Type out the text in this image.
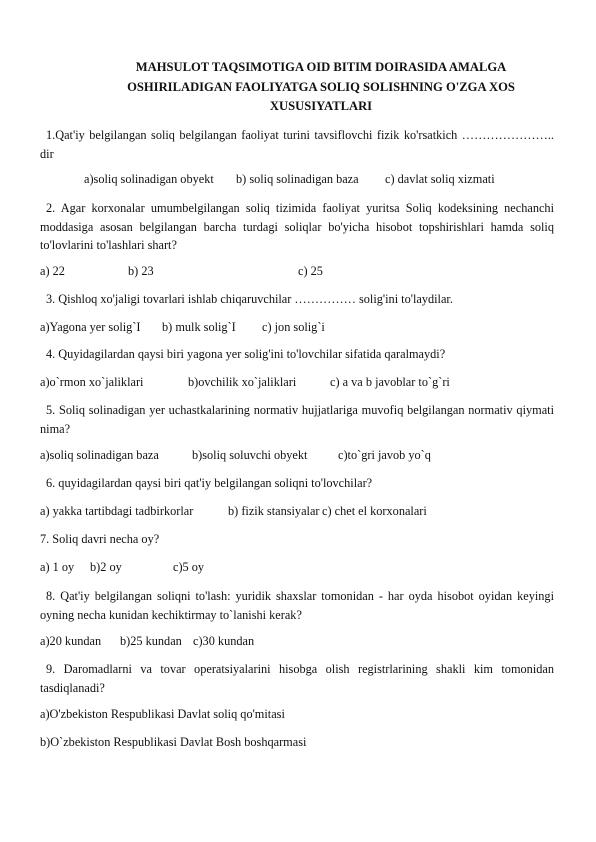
MAHSULOT TAQSIMOTIGA OID BITIM DOIRASIDA AMALGA OSHIRILADIGAN FAOLIYATGA SOLIQ SOLISHNING O'ZGA XOS XUSUSIYATLARI
1.Qat'iy belgilangan soliq belgilangan faoliyat turini tavsiflovchi fizik ko'rsatkich ………………….. dir
a)soliq solinadigan obyekt b) soliq solinadigan baza c) davlat soliq xizmati
2. Agar korxonalar umumbelgilangan soliq tizimida faoliyat yuritsa Soliq kodeksining nechanchi moddasiga asosan belgilangan barcha turdagi soliqlar bo'yicha hisobot topshirishlari hamda soliq to'lovlarini to'lashlari shart?
a) 22	b) 23	c) 25
3. Qishloq xo'jaligi tovarlari ishlab chiqaruvchilar …………… solig'ini to'laydilar.
a)Yagona yer solig`I b) mulk solig`I c) jon solig`i
4. Quyidagilardan qaysi biri yagona yer solig'ini to'lovchilar sifatida qaralmaydi?
a)o`rmon xo`jaliklari	b)ovchilik xo`jaliklari	c) a va b javoblar to`g`ri
5. Soliq solinadigan yer uchastkalarining normativ hujjatlariga muvofiq belgilangan normativ qiymati nima?
a)soliq solinadigan baza	b)soliq soluvchi obyekt c)to`gri javob yo`q
6. quyidagilardan qaysi biri qat'iy belgilangan soliqni to'lovchilar?
a) yakka tartibdagi tadbirkorlar	b) fizik stansiyalar c) chet el korxonalari
7. Soliq davri necha oy?
a) 1 oy b)2 oy	c)5 oy
8. Qat'iy belgilangan soliqni to'lash: yuridik shaxslar tomonidan - har oyda hisobot oyidan keyingi oyning necha kunidan kechiktirmay to`lanishi kerak?
a)20 kundan b)25 kundan c)30 kundan
9. Daromadlarni va tovar operatsiyalarini hisobga olish registrlarining shakli kim tomonidan tasdiqlanadi?
a)O'zbekiston Respublikasi Davlat soliq qo'mitasi
b)O`zbekiston Respublikasi Davlat Bosh boshqarmasi
